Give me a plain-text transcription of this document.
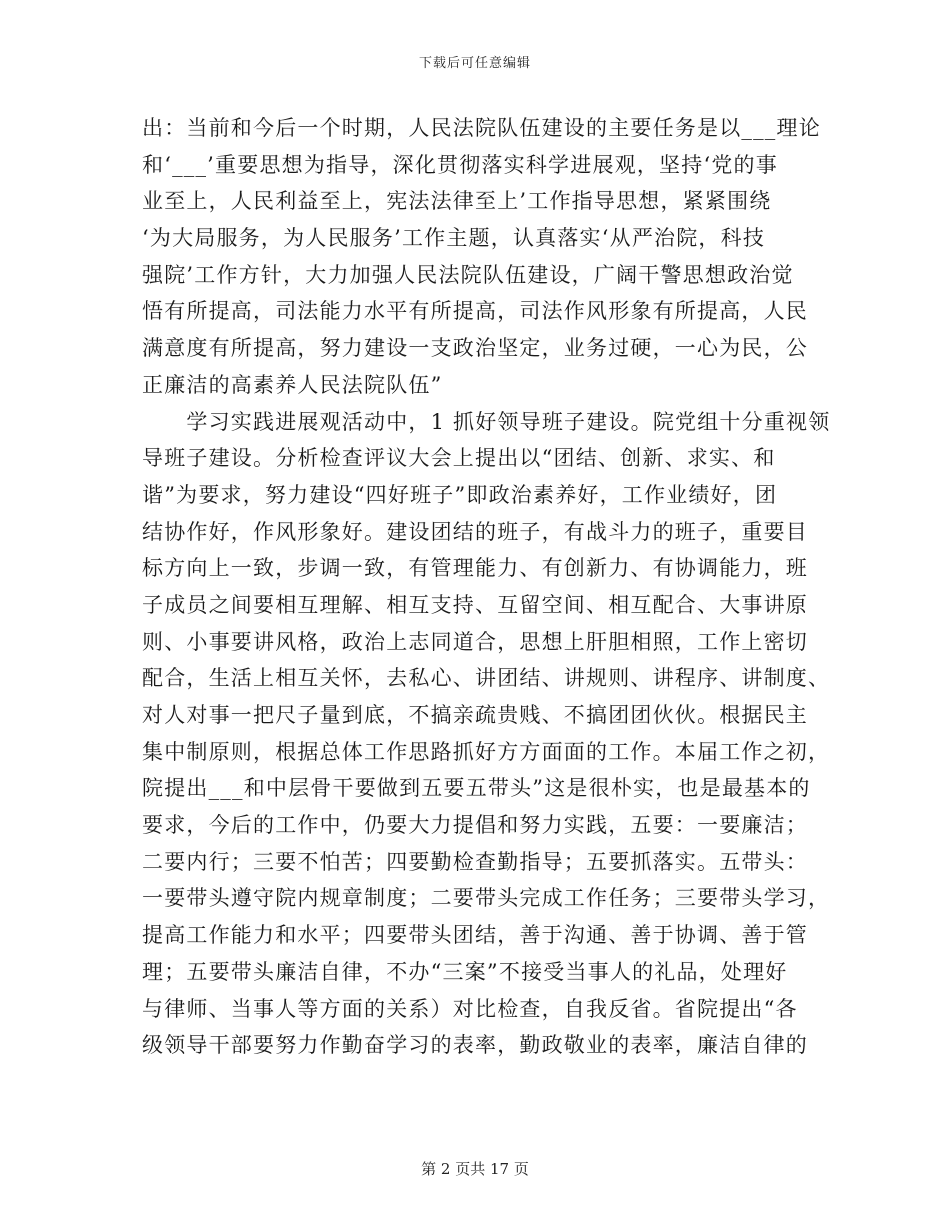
下载后可任意编辑
出：当前和今后一个时期，人民法院队伍建设的主要任务是以___理论
和‘___’重要思想为指导，深化贯彻落实科学进展观，坚持‘党的事
业至上，人民利益至上，宪法法律至上’工作指导思想，紧紧围绕
‘为大局服务，为人民服务’工作主题，认真落实‘从严治院，科技
强院’工作方针，大力加强人民法院队伍建设，广阔干警思想政治觉
悟有所提高，司法能力水平有所提高，司法作风形象有所提高，人民
满意度有所提高，努力建设一支政治坚定，业务过硬，一心为民，公
正廉洁的高素养人民法院队伍”
　　学习实践进展观活动中，1 抓好领导班子建设。院党组十分重视领
导班子建设。分析检查评议大会上提出以“团结、创新、求实、和
谐”为要求，努力建设“四好班子”即政治素养好，工作业绩好，团
结协作好，作风形象好。建设团结的班子，有战斗力的班子，重要目
标方向上一致，步调一致，有管理能力、有创新力、有协调能力，班
子成员之间要相互理解、相互支持、互留空间、相互配合、大事讲原
则、小事要讲风格，政治上志同道合，思想上肝胆相照，工作上密切
配合，生活上相互关怀，去私心、讲团结、讲规则、讲程序、讲制度、
对人对事一把尺子量到底，不搞亲疏贵贱、不搞团团伙伙。根据民主
集中制原则，根据总体工作思路抓好方方面面的工作。本届工作之初，
院提出___和中层骨干要做到五要五带头”这是很朴实，也是最基本的
要求，今后的工作中，仍要大力提倡和努力实践，五要：一要廉洁；
二要内行；三要不怕苦；四要勤检查勤指导；五要抓落实。五带头：
一要带头遵守院内规章制度；二要带头完成工作任务；三要带头学习，
提高工作能力和水平；四要带头团结，善于沟通、善于协调、善于管
理；五要带头廉洁自律，不办“三案”不接受当事人的礼品，处理好
与律师、当事人等方面的关系）对比检查，自我反省。省院提出“各
级领导干部要努力作勤奋学习的表率，勤政敬业的表率，廉洁自律的
第 2 页共 17 页
